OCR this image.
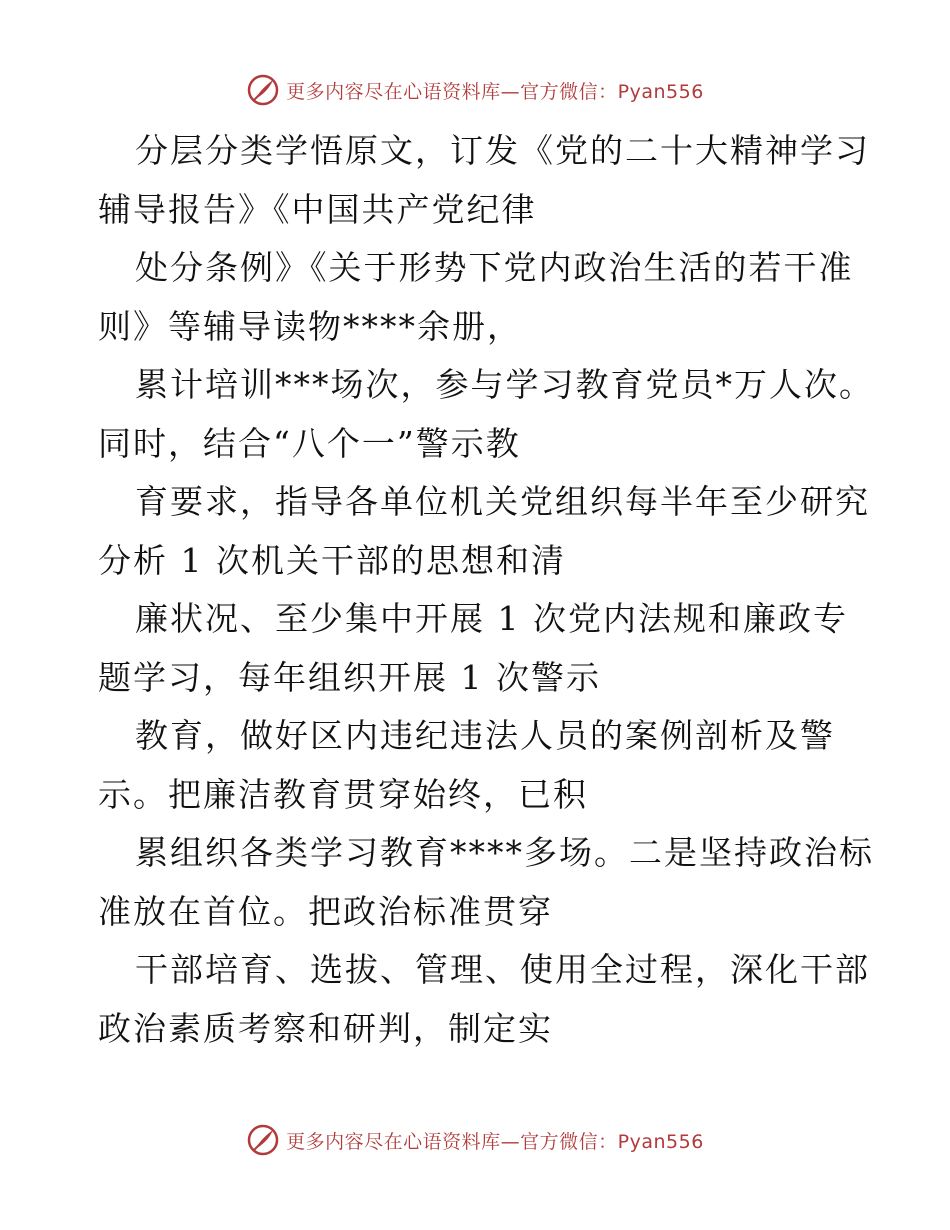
更多内容尽在心语资料库—官方微信：Pyan556
分层分类学悟原文，订发《党的二十大精神学习
辅导报告》《中国共产党纪律
处分条例》《关于形势下党内政治生活的若干准
则》等辅导读物****余册，
累计培训***场次，参与学习教育党员*万人次。
同时，结合“八个一”警示教
育要求，指导各单位机关党组织每半年至少研究
分析 1 次机关干部的思想和清
廉状况、至少集中开展 1 次党内法规和廉政专
题学习，每年组织开展 1 次警示
教育，做好区内违纪违法人员的案例剖析及警
示。把廉洁教育贯穿始终，已积
累组织各类学习教育****多场。二是坚持政治标
准放在首位。把政治标准贯穿
干部培育、选拔、管理、使用全过程，深化干部
政治素质考察和研判，制定实
更多内容尽在心语资料库—官方微信：Pyan556
